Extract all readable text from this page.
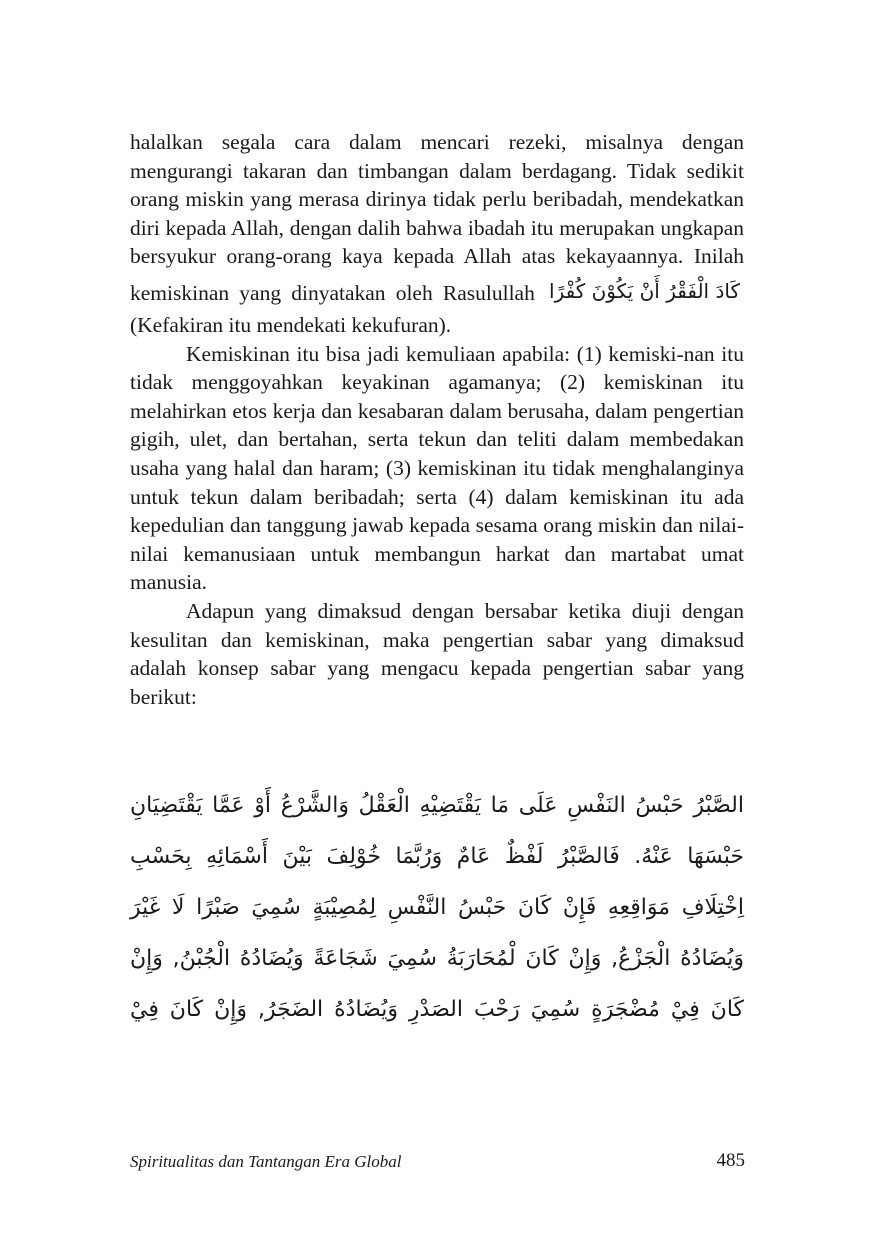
halalkan segala cara dalam mencari rezeki, misalnya dengan mengurangi takaran dan timbangan dalam berdagang. Tidak sedikit orang miskin yang merasa dirinya tidak perlu beribadah, mendekatkan diri kepada Allah, dengan dalih bahwa ibadah itu merupakan ungkapan bersyukur orang-orang kaya kepada Allah atas kekayaannya. Inilah kemiskinan yang dinyatakan oleh Rasulullah كَادَ الْفَقْرُ أَنْ يَكُوْنَ كُفْرًا (Kefakiran itu mendekati kekufuran).

Kemiskinan itu bisa jadi kemuliaan apabila: (1) kemiski-nan itu tidak menggoyahkan keyakinan agamanya; (2) kemiskinan itu melahirkan etos kerja dan kesabaran dalam berusaha, dalam pengertian gigih, ulet, dan bertahan, serta tekun dan teliti dalam membedakan usaha yang halal dan haram; (3) kemiskinan itu tidak menghalanginya untuk tekun dalam beribadah; serta (4) dalam kemiskinan itu ada kepedulian dan tanggung jawab kepada sesama orang miskin dan nilai-nilai kemanusiaan untuk membangun harkat dan martabat umat manusia.

Adapun yang dimaksud dengan bersabar ketika diuji dengan kesulitan dan kemiskinan, maka pengertian sabar yang dimaksud adalah konsep sabar yang mengacu kepada pengertian sabar yang berikut:

الصَّبْرُ حَبْسُ النَفْسِ عَلَى مَا يَقْتَضِيْهِ الْعَقْلُ وَالشَّرْعُ أَوْ عَمَّا يَقْتَضِيَانِ حَبْسَهَا عَنْهُ. فَالصَّبْرُ لَفْظٌ عَامٌ وَرُبَّمَا خُوْلِفَ بَيْنَ أَسْمَائِهِ بِحَسْبِ اِخْتِلَافِ مَوَاقِعِهِ فَإِنْ كَانَ حَبْسُ النَّفْسِ لِمُصِيْبَةٍ سُمِيَ صَبْرًا لَا غَيْرَ وَيُضَادُهُ الْجَزْعُ, وَإِنْ كَانَ لْمُحَارَبَةُ سُمِيَ شَجَاعَةً وَيُضَادُهُ الْجُبْنُ, وَإِنْ كَانَ فِيْ مُضْجَرَةٍ سُمِيَ رَحْبَ الصَدْرِ وَيُضَادُهُ الضَجَرُ, وَإِنْ كَانَ فِيْ
Spiritualitas dan Tantangan Era Global	485
